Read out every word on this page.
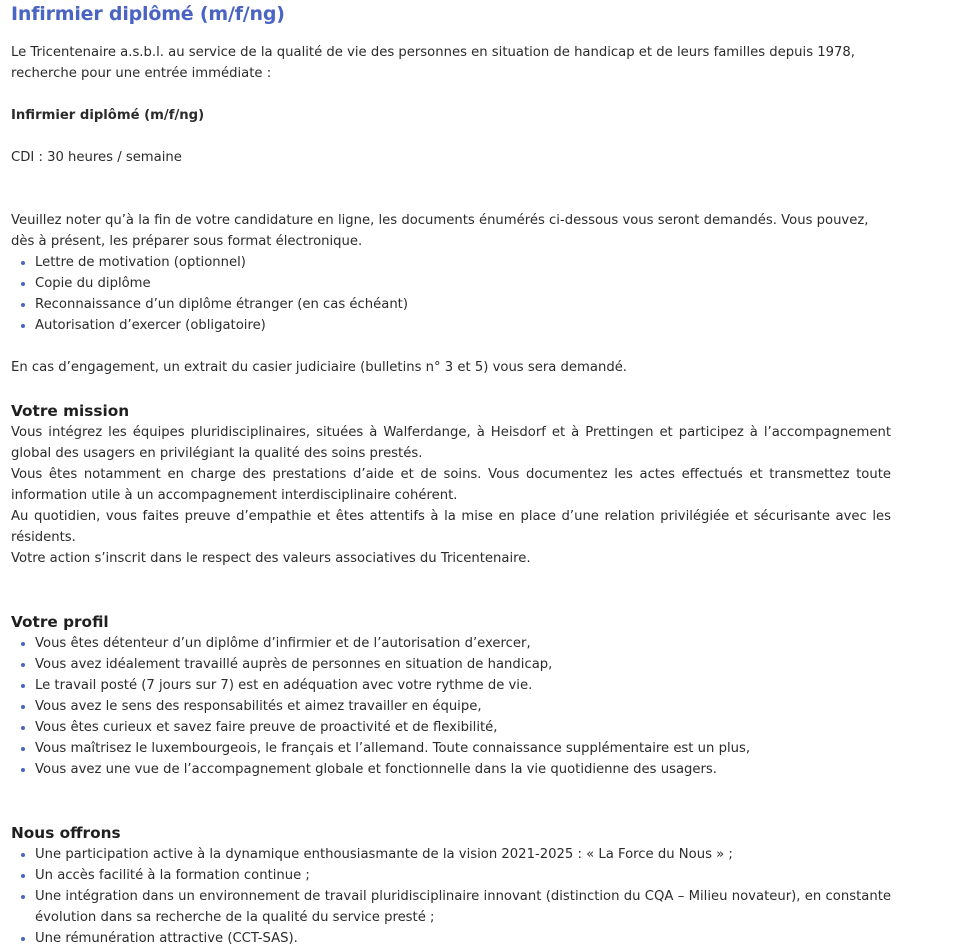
Infirmier diplômé (m/f/ng)

Le Tricentenaire a.s.b.l. au service de la qualité de vie des personnes en situation de handicap et de leurs familles depuis 1978, recherche pour une entrée immédiate :

Infirmier diplômé (m/f/ng)

CDI : 30 heures / semaine

Veuillez noter qu’à la fin de votre candidature en ligne, les documents énumérés ci-dessous vous seront demandés. Vous pouvez, dès à présent, les préparer sous format électronique.

Lettre de motivation (optionnel)
Copie du diplôme
Reconnaissance d’un diplôme étranger (en cas échéant)
Autorisation d’exercer (obligatoire)

En cas d’engagement, un extrait du casier judiciaire (bulletins n° 3 et 5) vous sera demandé.

Votre mission

Vous intégrez les équipes pluridisciplinaires, situées à Walferdange, à Heisdorf et à Prettingen et participez à l’accompagnement global des usagers en privilégiant la qualité des soins prestés.

Vous êtes notamment en charge des prestations d’aide et de soins. Vous documentez les actes effectués et transmettez toute information utile à un accompagnement interdisciplinaire cohérent.

Au quotidien, vous faites preuve d’empathie et êtes attentifs à la mise en place d’une relation privilégiée et sécurisante avec les résidents.

Votre action s’inscrit dans le respect des valeurs associatives du Tricentenaire.

Votre profil
Vous êtes détenteur d’un diplôme d’infirmier et de l’autorisation d’exercer,
Vous avez idéalement travaillé auprès de personnes en situation de handicap,
Le travail posté (7 jours sur 7) est en adéquation avec votre rythme de vie.
Vous avez le sens des responsabilités et aimez travailler en équipe,
Vous êtes curieux et savez faire preuve de proactivité et de flexibilité,
Vous maîtrisez le luxembourgeois, le français et l’allemand. Toute connaissance supplémentaire est un plus,
Vous avez une vue de l’accompagnement globale et fonctionnelle dans la vie quotidienne des usagers.
Nous offrons
Une participation active à la dynamique enthousiasmante de la vision 2021-2025 : « La Force du Nous » ;
Un accès facilité à la formation continue ;
Une intégration dans un environnement de travail pluridisciplinaire innovant (distinction du CQA – Milieu novateur), en constante évolution dans sa recherche de la qualité du service presté ;
Une rémunération attractive (CCT-SAS).
